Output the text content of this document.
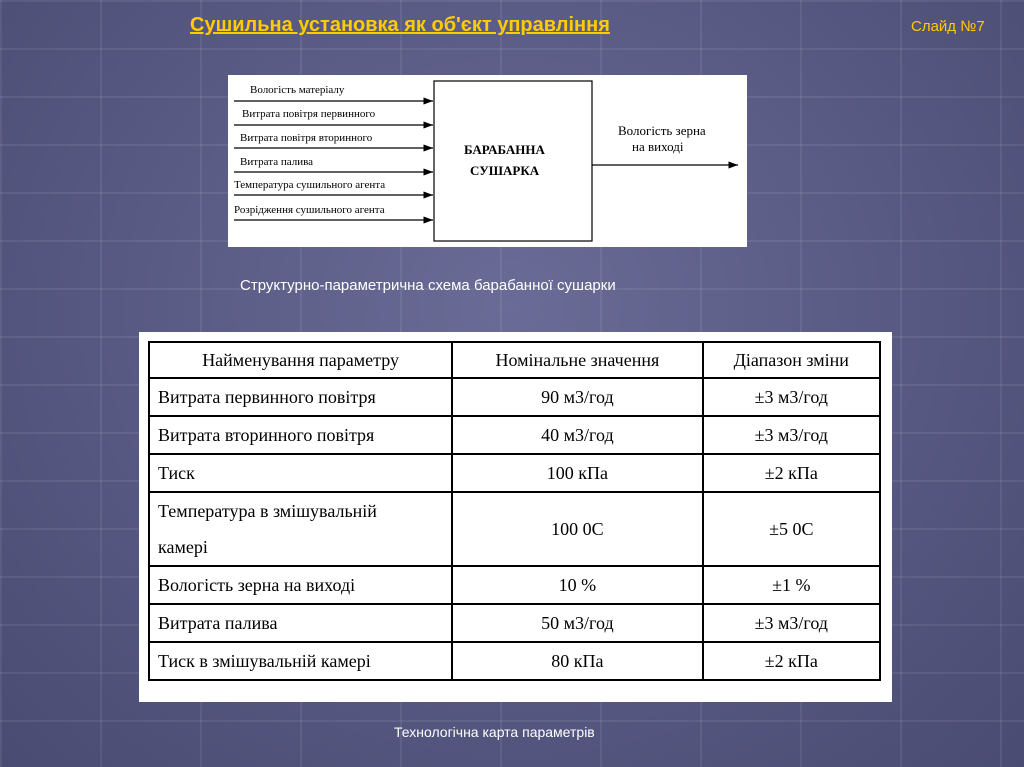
Сушильна установка як об'єкт управління	Слайд №7
Вологість матеріалу
Витрата повітря первинного
Витрата повітря вторинного
Витрата палива
Температура сушильного агента
Розрідження сушильного агента
БАРАБАННА
СУШАРКА
Вологість зерна
на виході
Структурно-параметрична схема барабанної сушарки
Найменування параметру	Номінальне значення	Діапазон зміни
Витрата первинного повітря	90 м3/год	±3 м3/год
Витрата вторинного повітря	40 м3/год	±3 м3/год
Тиск	100 кПа	±2 кПа

Температура в змішувальній
камері	100 0С	±5 0С
Вологість зерна на виході	10 %	±1 %
Витрата палива	50 м3/год	±3 м3/год
Тиск в змішувальній камері	80 кПа	±2 кПа
Технологічна карта параметрів
